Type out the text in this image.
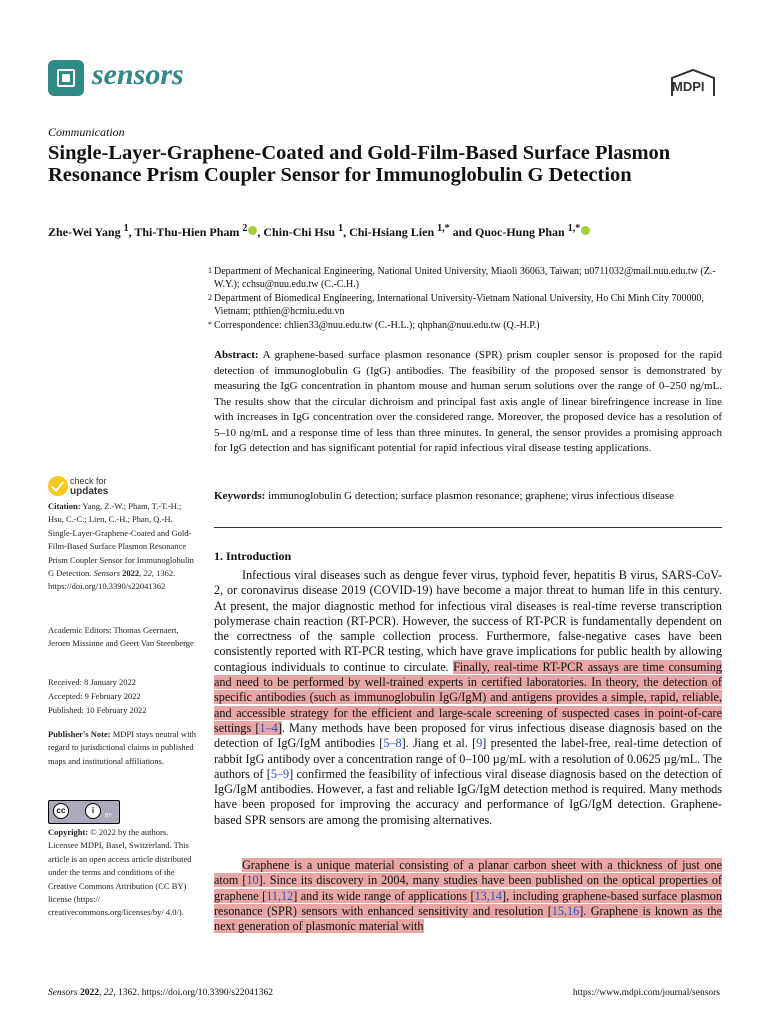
sensors	MDPI
Communication
Single-Layer-Graphene-Coated and Gold-Film-Based Surface Plasmon Resonance Prism Coupler Sensor for Immunoglobulin G Detection
Zhe-Wei Yang $^1$, Thi-Thu-Hien Pham $^2$ , Chin-Chi Hsu $^1$, Chi-Hsiang Lien $^{1,*}$ and Quoc-Hung Phan $^{1,*}$
1 Department of Mechanical Engineering, National United University, Miaoli 36063, Taiwan; u0711032@mail.nuu.edu.tw (Z.-W.Y.); cchsu@nuu.edu.tw (C.-C.H.)
2 Department of Biomedical Engineering, International University-Vietnam National University, Ho Chi Minh City 700000, Vietnam; ptthien@hcmiu.edu.vn
* Correspondence: chlien33@nuu.edu.tw (C.-H.L.); qhphan@nuu.edu.tw (Q.-H.P.)
Abstract: A graphene-based surface plasmon resonance (SPR) prism coupler sensor is proposed for the rapid detection of immunoglobulin G (IgG) antibodies. The feasibility of the proposed sensor is demonstrated by measuring the IgG concentration in phantom mouse and human serum solutions over the range of 0–250 ng/mL. The results show that the circular dichroism and principal fast axis angle of linear birefringence increase in line with increases in IgG concentration over the considered range. Moreover, the proposed device has a resolution of 5–10 ng/mL and a response time of less than three minutes. In general, the sensor provides a promising approach for IgG detection and has significant potential for rapid infectious viral disease testing applications.
Keywords: immunoglobulin G detection; surface plasmon resonance; graphene; virus infectious disease
check for
updates
Citation: Yang, Z.-W.; Pham, T.-T.-H.; Hsu, C.-C.; Lien, C.-H.; Phan, Q.-H. Single-Layer-Graphene-Coated and Gold-Film-Based Surface Plasmon Resonance Prism Coupler Sensor for Immunoglobulin G Detection. Sensors 2022, 22, 1362. https://doi.org/10.3390/s22041362
Academic Editors: Thomas Geernaert, Jeroen Missinne and Geert Van Steenberge
Received: 8 January 2022
Accepted: 9 February 2022
Published: 10 February 2022
Publisher's Note: MDPI stays neutral with regard to jurisdictional claims in published maps and institutional affiliations.
cc	i
BY
Copyright: © 2022 by the authors. Licensee MDPI, Basel, Switzerland. This article is an open access article distributed under the terms and conditions of the Creative Commons Attribution (CC BY) license (https:// creativecommons.org/licenses/by/ 4.0/).
1. Introduction
Infectious viral diseases such as dengue fever virus, typhoid fever, hepatitis B virus, SARS-CoV-2, or coronavirus disease 2019 (COVID-19) have become a major threat to human life in this century. At present, the major diagnostic method for infectious viral diseases is real-time reverse transcription polymerase chain reaction (RT-PCR). However, the success of RT-PCR is fundamentally dependent on the correctness of the sample collection process. Furthermore, false-negative cases have been consistently reported with RT-PCR testing, which have grave implications for public health by allowing contagious individuals to continue to circulate. Finally, real-time RT-PCR assays are time consuming and need to be performed by well-trained experts in certified laboratories. In theory, the detection of specific antibodies (such as immunoglobulin IgG/IgM) and antigens provides a simple, rapid, reliable, and accessible strategy for the efficient and large-scale screening of suspected cases in point-of-care settings [1–4]. Many methods have been proposed for virus infectious disease diagnosis based on the detection of IgG/IgM antibodies [5–8]. Jiang et al. [9] presented the label-free, real-time detection of rabbit IgG antibody over a concentration range of 0–100 µg/mL with a resolution of 0.0625 µg/mL. The authors of [5–9] confirmed the feasibility of infectious viral disease diagnosis based on the detection of IgG/IgM antibodies. However, a fast and reliable IgG/IgM detection method is required. Many methods have been proposed for improving the accuracy and performance of IgG/IgM detection. Graphene-based SPR sensors are among the promising alternatives.
Graphene is a unique material consisting of a planar carbon sheet with a thickness of just one atom [10]. Since its discovery in 2004, many studies have been published on the optical properties of graphene [11,12] and its wide range of applications [13,14], including graphene-based surface plasmon resonance (SPR) sensors with enhanced sensitivity and resolution [15,16]. Graphene is known as the next generation of plasmonic material with
Sensors 2022, 22, 1362. https://doi.org/10.3390/s22041362	https://www.mdpi.com/journal/sensors
